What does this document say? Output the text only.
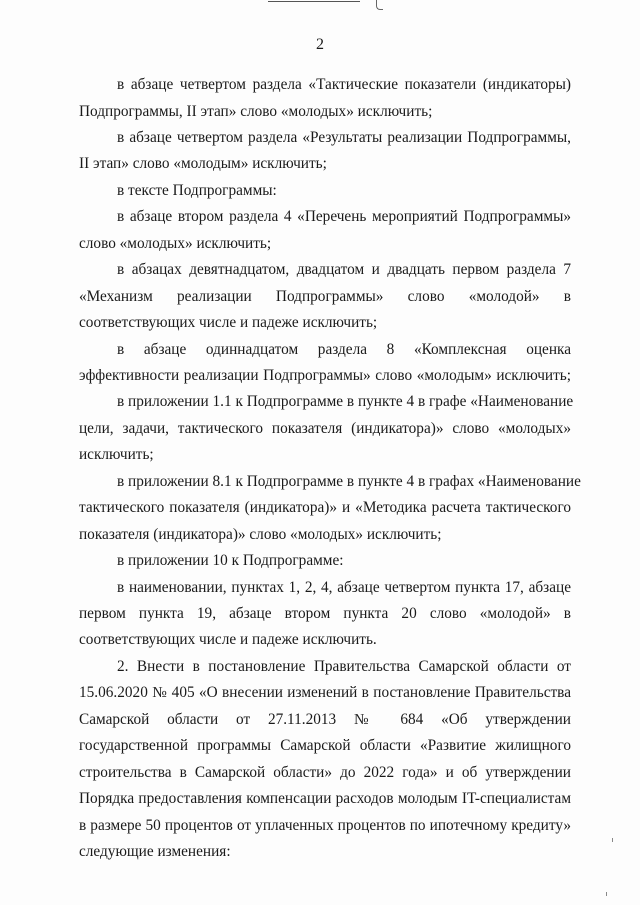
2
в абзаце четвертом раздела «Тактические показатели (индикаторы)
Подпрограммы, II этап» слово «молодых» исключить;
в абзаце четвертом раздела «Результаты реализации Подпрограммы,
II этап» слово «молодым» исключить;
в тексте Подпрограммы:
в абзаце втором раздела 4 «Перечень мероприятий Подпрограммы»
слово «молодых» исключить;
в абзацах девятнадцатом, двадцатом и двадцать первом раздела 7
«Механизм реализации Подпрограммы» слово «молодой» в
соответствующих числе и падеже исключить;
в абзаце одиннадцатом раздела 8 «Комплексная оценка
эффективности реализации Подпрограммы» слово «молодым» исключить;
в приложении 1.1 к Подпрограмме в пункте 4 в графе «Наименование
цели, задачи, тактического показателя (индикатора)» слово «молодых»
исключить;
в приложении 8.1 к Подпрограмме в пункте 4 в графах «Наименование
тактического показателя (индикатора)» и «Методика расчета тактического
показателя (индикатора)» слово «молодых» исключить;
в приложении 10 к Подпрограмме:
в наименовании, пунктах 1, 2, 4, абзаце четвертом пункта 17, абзаце
первом пункта 19, абзаце втором пункта 20 слово «молодой» в
соответствующих числе и падеже исключить.
2. Внести в постановление Правительства Самарской области от
15.06.2020 № 405 «О внесении изменений в постановление Правительства
Самарской области от 27.11.2013 № 684 «Об утверждении
государственной программы Самарской области «Развитие жилищного
строительства в Самарской области» до 2022 года» и об утверждении
Порядка предоставления компенсации расходов молодым IT-специалистам
в размере 50 процентов от уплаченных процентов по ипотечному кредиту»
следующие изменения:
